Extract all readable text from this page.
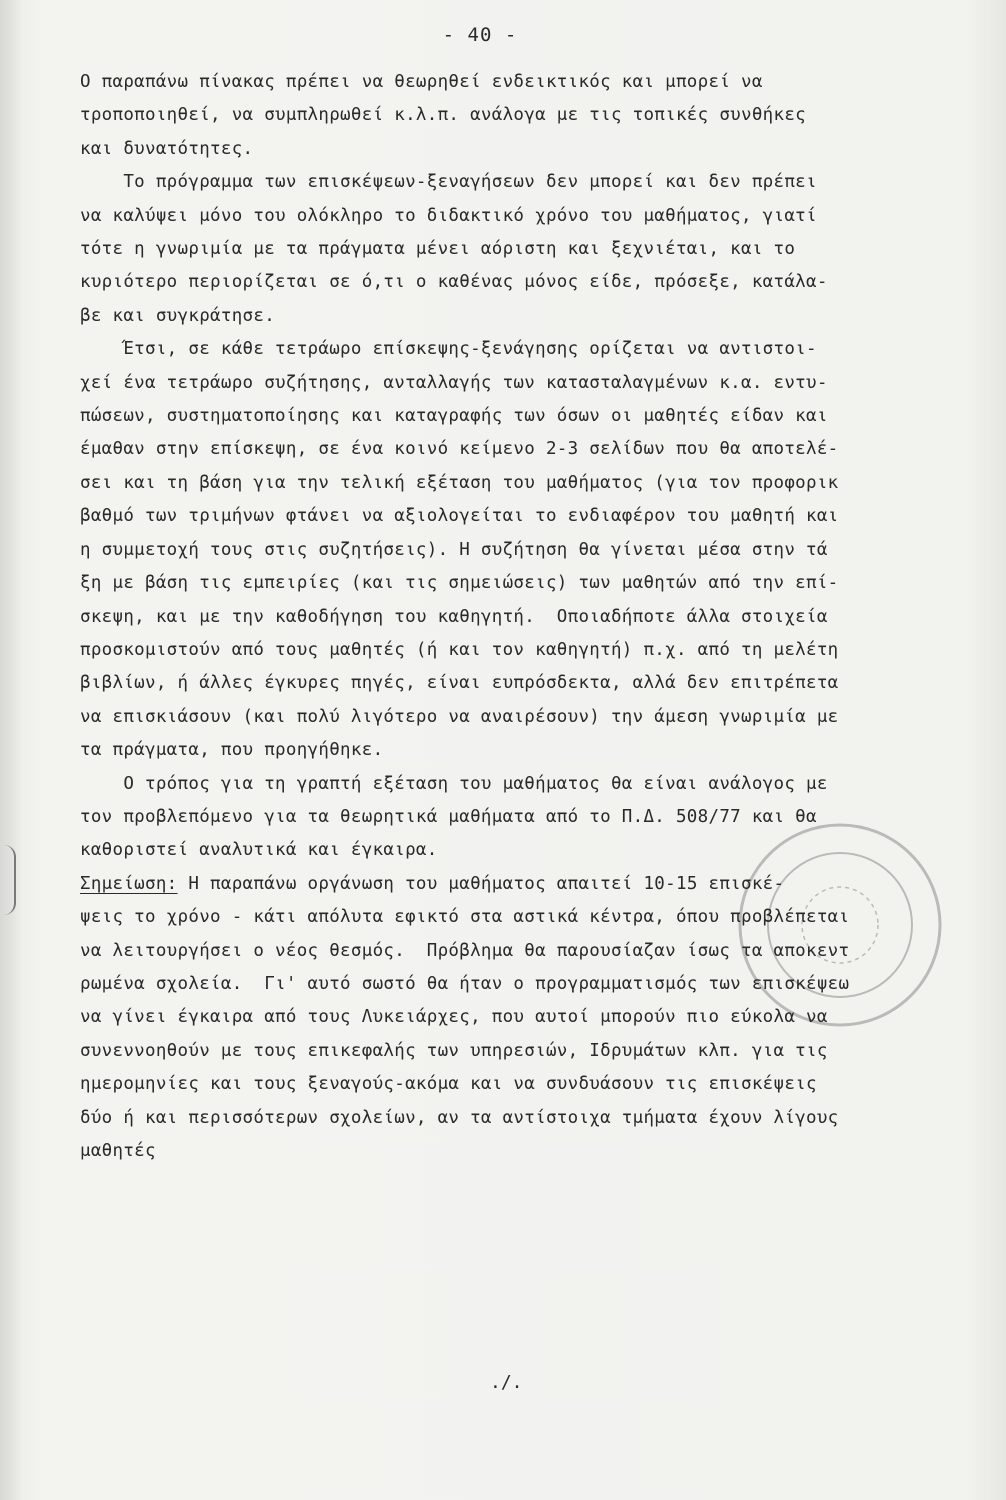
- 40 -

Ο παραπάνω πίνακας πρέπει να θεωρηθεί ενδεικτικός και μπορεί να
τροποποιηθεί, να συμπληρωθεί κ.λ.π. ανάλογα με τις τοπικές συνθήκες
και δυνατότητες.

Το πρόγραμμα των επισκέψεων-ξεναγήσεων δεν μπορεί και δεν πρέπει
να καλύψει μόνο του ολόκληρο το διδακτικό χρόνο του μαθήματος, γιατί
τότε η γνωριμία με τα πράγματα μένει αόριστη και ξεχνιέται, και το
κυριότερο περιορίζεται σε ό,τι ο καθένας μόνος είδε, πρόσεξε, κατάλα-
βε και συγκράτησε.

Έτσι, σε κάθε τετράωρο επίσκεψης-ξενάγησης ορίζεται να αντιστοι-
χεί ένα τετράωρο συζήτησης, ανταλλαγής των κατασταλαγμένων κ.α. εντυ-
πώσεων, συστηματοποίησης και καταγραφής των όσων οι μαθητές είδαν και
έμαθαν στην επίσκεψη, σε ένα κοινό κείμενο 2-3 σελίδων που θα αποτελέ-
σει και τη βάση για την τελική εξέταση του μαθήματος (για τον προφορικ
βαθμό των τριμήνων φτάνει να αξιολογείται το ενδιαφέρον του μαθητή και
η συμμετοχή τους στις συζητήσεις). Η συζήτηση θα γίνεται μέσα στην τά
ξη με βάση τις εμπειρίες (και τις σημειώσεις) των μαθητών από την επί-
σκεψη, και με την καθοδήγηση του καθηγητή.  Οποιαδήποτε άλλα στοιχεία
προσκομιστούν από τους μαθητές (ή και τον καθηγητή) π.χ. από τη μελέτη
βιβλίων, ή άλλες έγκυρες πηγές, είναι ευπρόσδεκτα, αλλά δεν επιτρέπετα
να επισκιάσουν (και πολύ λιγότερο να αναιρέσουν) την άμεση γνωριμία με
τα πράγματα, που προηγήθηκε.

Ο τρόπος για τη γραπτή εξέταση του μαθήματος θα είναι ανάλογος με
τον προβλεπόμενο για τα θεωρητικά μαθήματα από το Π.Δ. 508/77 και θα
καθοριστεί αναλυτικά και έγκαιρα.

Σημείωση: Η παραπάνω οργάνωση του μαθήματος απαιτεί 10-15 επισκέ-
ψεις το χρόνο - κάτι απόλυτα εφικτό στα αστικά κέντρα, όπου προβλέπεται
να λειτουργήσει ο νέος θεσμός.  Πρόβλημα θα παρουσίαζαν ίσως τα αποκεντ
ρωμένα σχολεία.  Γι' αυτό σωστό θα ήταν ο προγραμματισμός των επισκέψεω
να γίνει έγκαιρα από τους Λυκειάρχες, που αυτοί μπορούν πιο εύκολα να
συνεννοηθούν με τους επικεφαλής των υπηρεσιών, Ιδρυμάτων κλπ. για τις
ημερομηνίες και τους ξεναγούς-ακόμα και να συνδυάσουν τις επισκέψεις
δύο ή και περισσότερων σχολείων, αν τα αντίστοιχα τμήματα έχουν λίγους
μαθητές

./.
